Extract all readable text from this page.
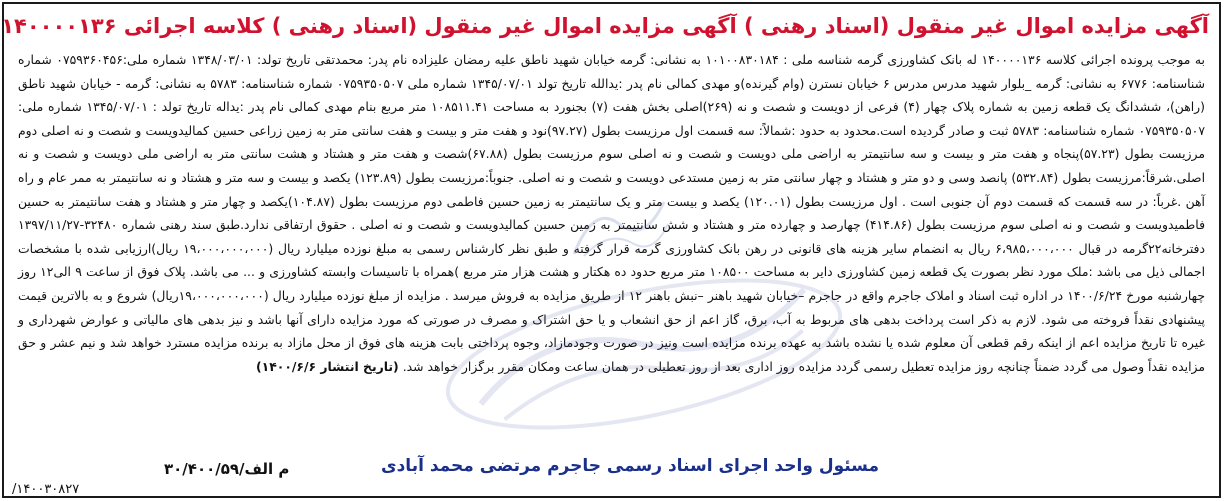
آگهی مزایده اموال غیر منقول (اسناد رهنی ) آگهی مزایده اموال غیر منقول (اسناد رهنی ) کلاسه اجرائی ۱۴۰۰۰۰۱۳۶
به موجب پرونده اجرائی کلاسه ۱۴۰۰۰۰۱۳۶ له بانک کشاورزی گرمه شناسه ملی : ۱۰۱۰۰۸۳۰۱۸۴ به نشانی: گرمه خیابان شهید ناطق علیه رمضان علیزاده نام پدر: محمدتقی تاریخ تولد: ۱۳۴۸/۰۳/۰۱ شماره ملی:۰۷۵۹۳۶۰۴۵۶ شماره شناسنامه: ۶۷۷۶ به نشانی: گرمه _بلوار شهید مدرس مدرس ۶ خیابان نسترن (وام گیرنده)و مهدی کمالی نام پدر :یدالله تاریخ تولد ۱۳۴۵/۰۷/۰۱ شماره ملی ۰۷۵۹۳۵۰۵۰۷ شماره شناسنامه: ۵۷۸۳ به نشانی: گرمه - خیابان شهید ناطق (راهن)، ششدانگ یک قطعه زمین به شماره پلاک چهار (۴) فرعی از دویست و شصت و نه (۲۶۹)اصلی بخش هفت (۷) بجنورد به مساحت ۱۰۸۵۱۱.۴۱ متر مربع بنام مهدی کمالی نام پدر :یداله تاریخ تولد : ۱۳۴۵/۰۷/۰۱ شماره ملی: ۰۷۵۹۳۵۰۵۰۷ شماره شناسنامه: ۵۷۸۳ ثبت و صادر گردیده است.محدود به حدود :شمالاً: سه قسمت اول مرزیست بطول (۹۷.۲۷)نود و هفت متر و بیست و هفت سانتی متر به زمین زراعی حسین کمالیدویست و شصت و نه اصلی دوم مرزیست بطول (۵۷.۲۳)پنجاه و هفت متر و بیست و سه سانتیمتر به اراضی ملی دویست و شصت و نه اصلی سوم مرزیست بطول (۶۷.۸۸)شصت و هفت متر و هشتاد و هشت سانتی متر به اراضی ملی دویست و شصت و نه اصلی.شرقاً:مرزیست بطول (۵۳۲.۸۴) پانصد وسی و دو متر و هشتاد و چهار سانتی متر به زمین مستدعی دویست و شصت و نه اصلی. جنوباً:مرزیست بطول (۱۲۳.۸۹) یکصد و بیست و سه متر و هشتاد و نه سانتیمتر به ممر عام و راه آهن .غرباً: در سه قسمت که قسمت دوم آن جنوبی است . اول مرزیست بطول (۱۲۰.۰۱) یکصد و بیست متر و یک سانتیمتر به زمین حسین فاطمی دوم مرزیست بطول (۱۰۴.۸۷)یکصد و چهار متر و هشتاد و هفت سانتیمتر به حسین فاطمیدویست و شصت و نه اصلی سوم مرزیست بطول (۴۱۴.۸۶) چهارصد و چهارده متر و هشتاد و شش سانتیمتر به زمین حسین کمالیدویست و شصت و نه اصلی . حقوق ارتفاقی ندارد.طبق سند رهنی شماره ۳۲۴۸۰-۱۳۹۷/۱۱/۲۷ دفترخانه۲۲گرمه در قبال ۶،۹۸۵،۰۰۰،۰۰۰ ریال به انضمام سایر هزینه های قانونی در رهن بانک کشاورزی گرمه قرار گرفته و طبق نظر کارشناس رسمی به مبلغ نوزده میلیارد ریال (۱۹،۰۰۰،۰۰۰،۰۰۰ ریال)ارزیابی شده با مشخصات اجمالی ذیل می باشد :ملک مورد نظر بصورت یک قطعه زمین کشاورزی دایر به مساحت ۱۰۸۵۰۰ متر مربع حدود ده هکتار و هشت هزار متر مربع )همراه با تاسیسات وابسته کشاورزی و ... می باشد. پلاک فوق از ساعت ۹ الی۱۲ روز چهارشنبه مورخ ۱۴۰۰/۶/۲۴ در اداره ثبت اسناد و املاک جاجرم واقع در جاجرم –خیابان شهید باهنر –نبش باهنر ۱۲ از طریق مزایده به فروش میرسد . مزایده از مبلغ نوزده میلیارد ریال (۱۹،۰۰۰،۰۰۰،۰۰۰ریال) شروع و به بالاترین قیمت پیشنهادی نقداً فروخته می شود. لازم به ذکر است پرداخت بدهی های مربوط به آب، برق، گاز اعم از حق انشعاب و یا حق اشتراک و مصرف در صورتی که مورد مزایده دارای آنها باشد و نیز بدهی های مالیاتی و عوارض شهرداری و غیره تا تاریخ مزایده اعم از اینکه رقم قطعی آن معلوم شده یا نشده باشد به عهده برنده مزایده است ونیز در صورت وجودمازاد، وجوه پرداختی بابت هزینه های فوق از محل مازاد به برنده مزایده مسترد خواهد شد و نیم عشر و حق مزایده نقداً وصول می گردد ضمناً چنانچه روز مزایده تعطیل رسمی گردد مزایده روز اداری بعد از روز تعطیلی در همان ساعت ومکان مقرر برگزار خواهد شد. (تاریخ انتشار ۱۴۰۰/۶/۶)
مسئول واحد اجرای اسناد رسمی جاجرم مرتضی محمد آبادی
م الف/۳۰/۴۰۰/۵۹
۱۴۰۰۳۰۸۲۷/
